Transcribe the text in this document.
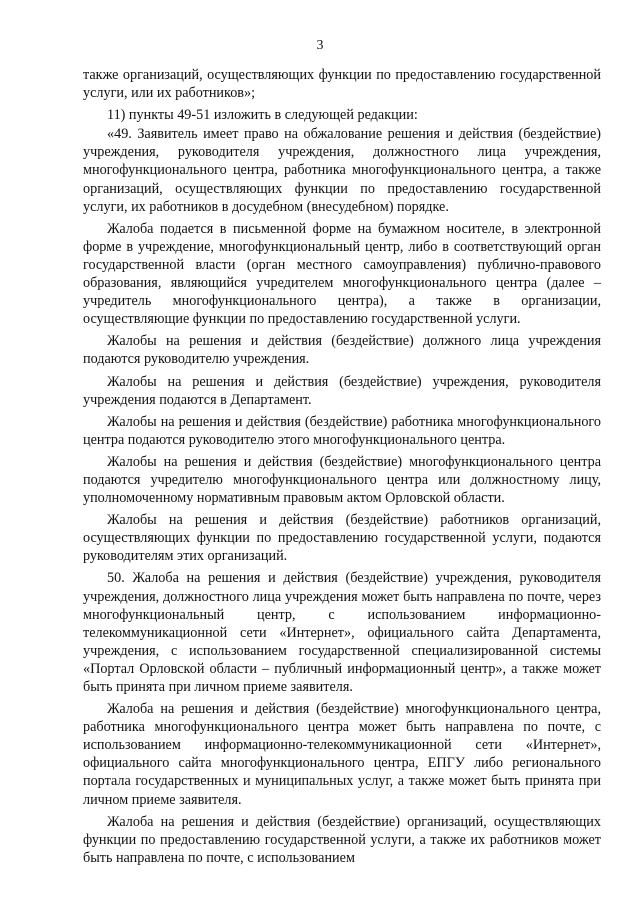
3

также организаций, осуществляющих функции по предоставлению государственной услуги, или их работников»;

11) пункты 49-51 изложить в следующей редакции:

«49. Заявитель имеет право на обжалование решения и действия (бездействие) учреждения, руководителя учреждения, должностного лица учреждения, многофункционального центра, работника многофункционального центра, а также организаций, осуществляющих функции по предоставлению государственной услуги, их работников в досудебном (внесудебном) порядке.

Жалоба подается в письменной форме на бумажном носителе, в электронной форме в учреждение, многофункциональный центр, либо в соответствующий орган государственной власти (орган местного самоуправления) публично-правового образования, являющийся учредителем многофункционального центра (далее – учредитель многофункционального центра), а также в организации, осуществляющие функции по предоставлению государственной услуги.

Жалобы на решения и действия (бездействие) должного лица учреждения подаются руководителю учреждения.

Жалобы на решения и действия (бездействие) учреждения, руководителя учреждения подаются в Департамент.

Жалобы на решения и действия (бездействие) работника многофункционального центра подаются руководителю этого многофункционального центра.

Жалобы на решения и действия (бездействие) многофункционального центра подаются учредителю многофункционального центра или должностному лицу, уполномоченному нормативным правовым актом Орловской области.

Жалобы на решения и действия (бездействие) работников организаций, осуществляющих функции по предоставлению государственной услуги, подаются руководителям этих организаций.

50. Жалоба на решения и действия (бездействие) учреждения, руководителя учреждения, должностного лица учреждения может быть направлена по почте, через многофункциональный центр, с использованием информационно-телекоммуникационной сети «Интернет», официального сайта Департамента, учреждения, с использованием государственной специализированной системы «Портал Орловской области – публичный информационный центр», а также может быть принята при личном приеме заявителя.

Жалоба на решения и действия (бездействие) многофункционального центра, работника многофункционального центра может быть направлена по почте, с использованием информационно-телекоммуникационной сети «Интернет», официального сайта многофункционального центра, ЕПГУ либо регионального портала государственных и муниципальных услуг, а также может быть принята при личном приеме заявителя.

Жалоба на решения и действия (бездействие) организаций, осуществляющих функции по предоставлению государственной услуги, а также их работников может быть направлена по почте, с использованием
